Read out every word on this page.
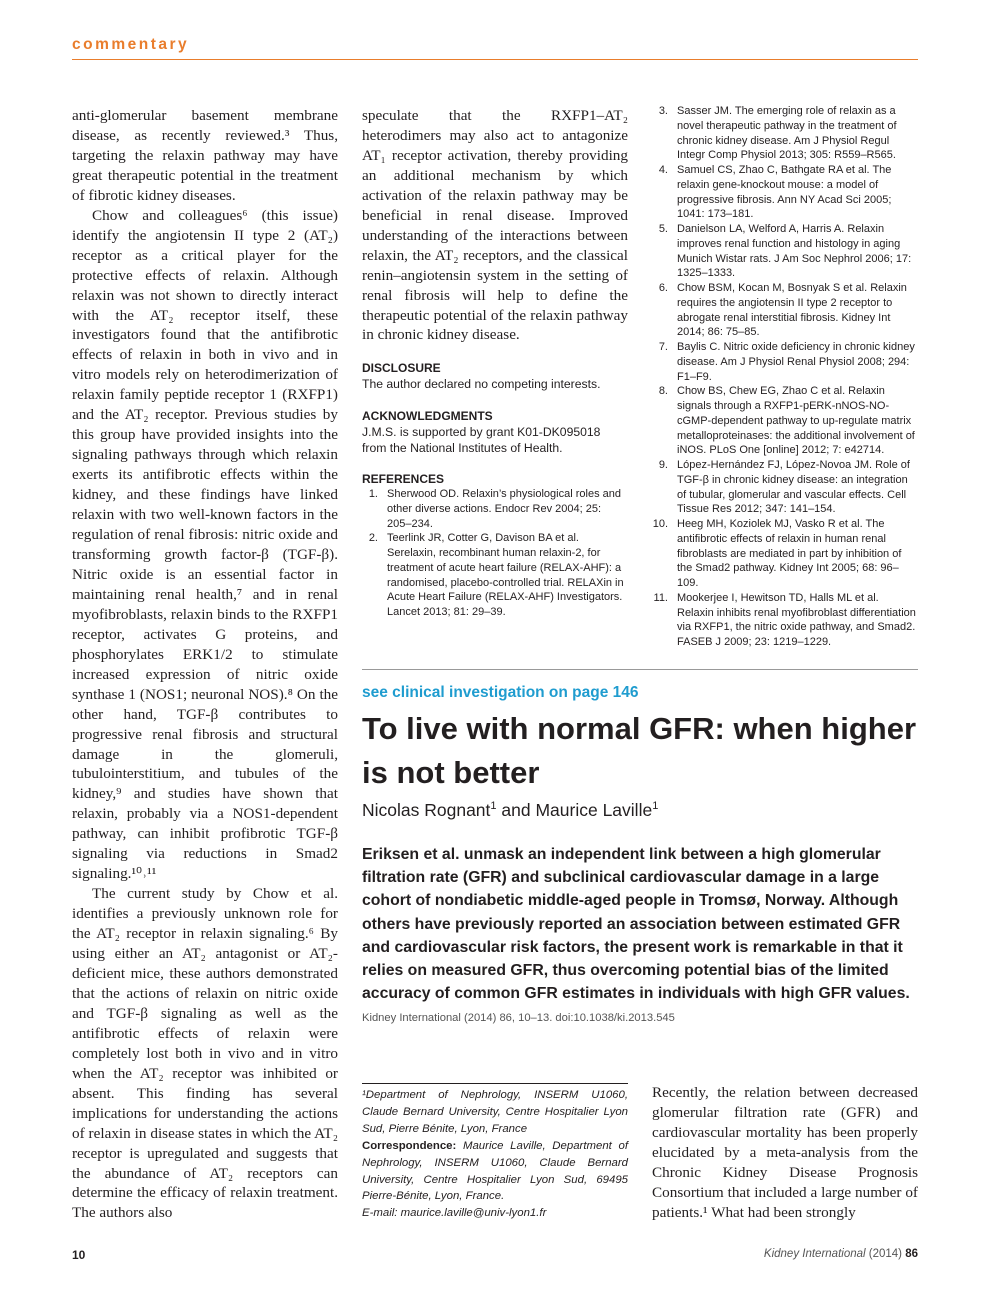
commentary

anti-glomerular basement membrane disease, as recently reviewed.³ Thus, targeting the relaxin pathway may have great therapeutic potential in the treatment of fibrotic kidney diseases.

Chow and colleagues⁶ (this issue) identify the angiotensin II type 2 (AT₂) receptor as a critical player for the protective effects of relaxin. Although relaxin was not shown to directly interact with the AT₂ receptor itself, these investigators found that the antifibrotic effects of relaxin in both in vivo and in vitro models rely on heterodimerization of relaxin family peptide receptor 1 (RXFP1) and the AT₂ receptor. Previous studies by this group have provided insights into the signaling pathways through which relaxin exerts its antifibrotic effects within the kidney, and these findings have linked relaxin with two well-known factors in the regulation of renal fibrosis: nitric oxide and transforming growth factor-β (TGF-β). Nitric oxide is an essential factor in maintaining renal health,⁷ and in renal myofibroblasts, relaxin binds to the RXFP1 receptor, activates G proteins, and phosphorylates ERK1/2 to stimulate increased expression of nitric oxide synthase 1 (NOS1; neuronal NOS).⁸ On the other hand, TGF-β contributes to progressive renal fibrosis and structural damage in the glomeruli, tubulointerstitium, and tubules of the kidney,⁹ and studies have shown that relaxin, probably via a NOS1-dependent pathway, can inhibit profibrotic TGF-β signaling via reductions in Smad2 signaling.¹⁰˒¹¹

The current study by Chow et al. identifies a previously unknown role for the AT₂ receptor in relaxin signaling.⁶ By using either an AT₂ antagonist or AT₂-deficient mice, these authors demonstrated that the actions of relaxin on nitric oxide and TGF-β signaling as well as the antifibrotic effects of relaxin were completely lost both in vivo and in vitro when the AT₂ receptor was inhibited or absent. This finding has several implications for understanding the actions of relaxin in disease states in which the AT₂ receptor is upregulated and suggests that the abundance of AT₂ receptors can determine the efficacy of relaxin treatment. The authors also

speculate that the RXFP1–AT₂ heterodimers may also act to antagonize AT₁ receptor activation, thereby providing an additional mechanism by which activation of the relaxin pathway may be beneficial in renal disease. Improved understanding of the interactions between relaxin, the AT₂ receptors, and the classical renin–angiotensin system in the setting of renal fibrosis will help to define the therapeutic potential of the relaxin pathway in chronic kidney disease.

DISCLOSURE

The author declared no competing interests.

ACKNOWLEDGMENTS

J.M.S. is supported by grant K01-DK095018 from the National Institutes of Health.

REFERENCES
1. Sherwood OD. Relaxin’s physiological roles and other diverse actions. Endocr Rev 2004; 25: 205–234.
2. Teerlink JR, Cotter G, Davison BA et al. Serelaxin, recombinant human relaxin-2, for treatment of acute heart failure (RELAX-AHF): a randomised, placebo-controlled trial. RELAXin in Acute Heart Failure (RELAX-AHF) Investigators. Lancet 2013; 81: 29–39.
3. Sasser JM. The emerging role of relaxin as a novel therapeutic pathway in the treatment of chronic kidney disease. Am J Physiol Regul Integr Comp Physiol 2013; 305: R559–R565.
4. Samuel CS, Zhao C, Bathgate RA et al. The relaxin gene-knockout mouse: a model of progressive fibrosis. Ann NY Acad Sci 2005; 1041: 173–181.
5. Danielson LA, Welford A, Harris A. Relaxin improves renal function and histology in aging Munich Wistar rats. J Am Soc Nephrol 2006; 17: 1325–1333.
6. Chow BSM, Kocan M, Bosnyak S et al. Relaxin requires the angiotensin II type 2 receptor to abrogate renal interstitial fibrosis. Kidney Int 2014; 86: 75–85.
7. Baylis C. Nitric oxide deficiency in chronic kidney disease. Am J Physiol Renal Physiol 2008; 294: F1–F9.
8. Chow BS, Chew EG, Zhao C et al. Relaxin signals through a RXFP1-pERK-nNOS-NO-cGMP-dependent pathway to up-regulate matrix metalloproteinases: the additional involvement of iNOS. PLoS One [online] 2012; 7: e42714.
9. López-Hernández FJ, López-Novoa JM. Role of TGF-β in chronic kidney disease: an integration of tubular, glomerular and vascular effects. Cell Tissue Res 2012; 347: 141–154.
10. Heeg MH, Koziolek MJ, Vasko R et al. The antifibrotic effects of relaxin in human renal fibroblasts are mediated in part by inhibition of the Smad2 pathway. Kidney Int 2005; 68: 96–109.
11. Mookerjee I, Hewitson TD, Halls ML et al. Relaxin inhibits renal myofibroblast differentiation via RXFP1, the nitric oxide pathway, and Smad2. FASEB J 2009; 23: 1219–1229.
see clinical investigation on page 146
To live with normal GFR: when higher is not better
Nicolas Rognant$^1$ and Maurice Laville$^1$

Eriksen et al. unmask an independent link between a high glomerular filtration rate (GFR) and subclinical cardiovascular damage in a large cohort of nondiabetic middle-aged people in Tromsø, Norway. Although others have previously reported an association between estimated GFR and cardiovascular risk factors, the present work is remarkable in that it relies on measured GFR, thus overcoming potential bias of the limited accuracy of common GFR estimates in individuals with high GFR values.

Kidney International (2014) 86, 10–13. doi:10.1038/ki.2013.545

¹Department of Nephrology, INSERM U1060, Claude Bernard University, Centre Hospitalier Lyon Sud, Pierre Bénite, Lyon, France
Correspondence: Maurice Laville, Department of Nephrology, INSERM U1060, Claude Bernard University, Centre Hospitalier Lyon Sud, 69495 Pierre-Bénite, Lyon, France.
E-mail: maurice.laville@univ-lyon1.fr

Recently, the relation between decreased glomerular filtration rate (GFR) and cardiovascular mortality has been properly elucidated by a meta-analysis from the Chronic Kidney Disease Prognosis Consortium that included a large number of patients.¹ What had been strongly

10	Kidney International (2014) 86
